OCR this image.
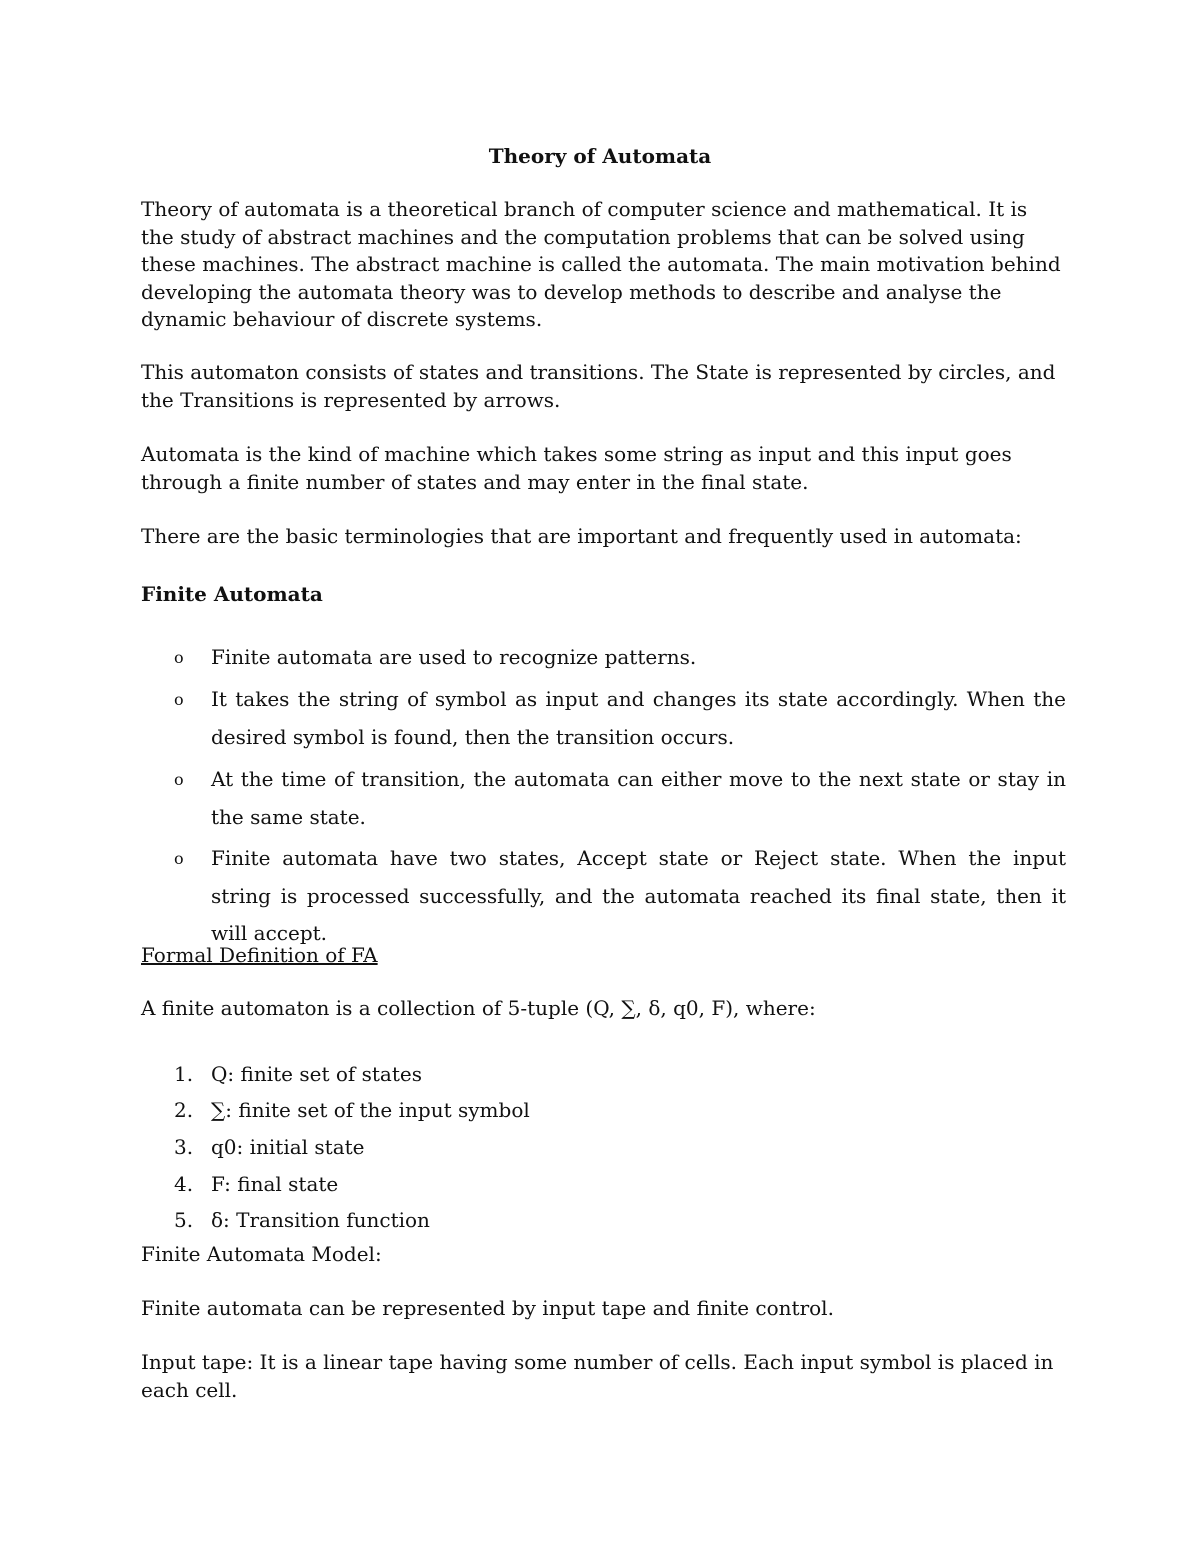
Theory of Automata

Theory of automata is a theoretical branch of computer science and mathematical. It is the study of abstract machines and the computation problems that can be solved using these machines. The abstract machine is called the automata. The main motivation behind developing the automata theory was to develop methods to describe and analyse the dynamic behaviour of discrete systems.

This automaton consists of states and transitions. The State is represented by circles, and the Transitions is represented by arrows.

Automata is the kind of machine which takes some string as input and this input goes through a finite number of states and may enter in the final state.

There are the basic terminologies that are important and frequently used in automata:

Finite Automata
o Finite automata are used to recognize patterns.
o It takes the string of symbol as input and changes its state accordingly. When the desired symbol is found, then the transition occurs.
o At the time of transition, the automata can either move to the next state or stay in the same state.
o Finite automata have two states, Accept state or Reject state. When the input string is processed successfully, and the automata reached its final state, then it will accept.
Formal Definition of FA

A finite automaton is a collection of 5-tuple (Q, ∑, δ, q0, F), where:

1. Q: finite set of states
2. ∑: finite set of the input symbol
3. q0: initial state
4. F: final state
5. δ: Transition function

Finite Automata Model:

Finite automata can be represented by input tape and finite control.

Input tape: It is a linear tape having some number of cells. Each input symbol is placed in each cell.
